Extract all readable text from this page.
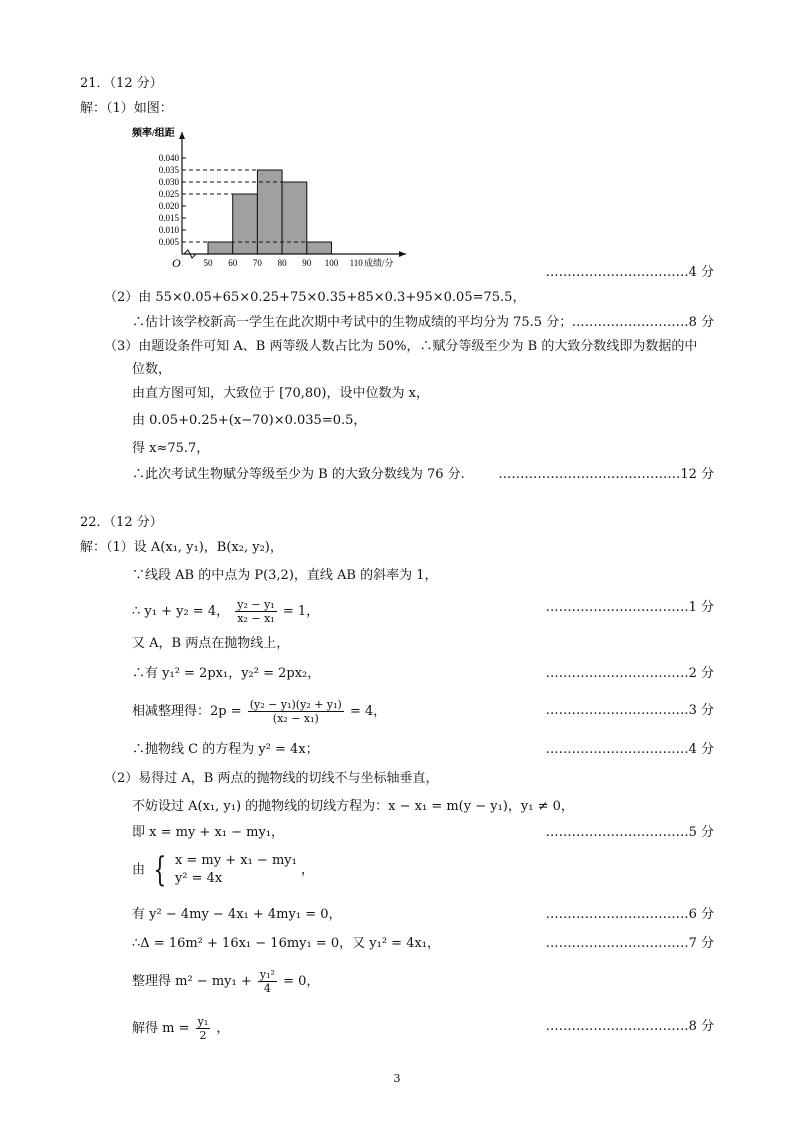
21．（12 分）
解：（1）如图：
频率/组距
成绩/分
O
0.005
0.010
0.015
0.020
0.025
0.030
0.035
0.040
50 60 70 80 90 100 110
……………………………4 分
（2）由 55×0.05+65×0.25+75×0.35+85×0.3+95×0.05=75.5，
∴估计该学校新高一学生在此次期中考试中的生物成绩的平均分为 75.5 分； ………………………8 分
（3）由题设条件可知 A、B 两等级人数占比为 50%，∴赋分等级至少为 B 的大致分数线即为数据的中
位数，
由直方图可知，大致位于 [70,80)，设中位数为 x，
由 0.05+0.25+(x−70)×0.035=0.5，
得 x≈75.7，
∴此次考试生物赋分等级至少为 B 的大致分数线为 76 分.	……………………………………12 分
22．（12 分）
解：（1）设 A(x₁, y₁)，B(x₂, y₂)，
∵线段 AB 的中点为 P(3,2)，直线 AB 的斜率为 1，
∴ y₁ + y₂ = 4， $\frac{\text{y₂ − y₁}}{\text{x₂ − x₁}} = 1$，	……………………………1 分
又 A，B 两点在抛物线上，
∴有 y₁² = 2px₁，y₂² = 2px₂，	……………………………2 分
相减整理得：$2p = \frac{\text{(y₂ − y₁)(y₂ + y₁)}}{\text{(x₂ − x₁)}} = 4$，	……………………………3 分
∴抛物线 C 的方程为 y² = 4x；	……………………………4 分
（2）易得过 A，B 两点的抛物线的切线不与坐标轴垂直，
不妨设过 A(x₁, y₁) 的抛物线的切线方程为：x − x₁ = m(y − y₁)，y₁ ≠ 0，
即 x = my + x₁ − my₁，	……………………………5 分
由 { x = my + x₁ − my₁
y² = 4x
，
有 y² − 4my − 4x₁ + 4my₁ = 0，	……………………………6 分
∴Δ = 16m² + 16x₁ − 16my₁ = 0，又 y₁² = 4x₁，	……………………………7 分
整理得 $m^2 - my_1 + \frac{\text{y₁²}}{4} = 0$，
解得 $m = \frac{\text{y₁}}{2}$ ，	……………………………8 分
3
